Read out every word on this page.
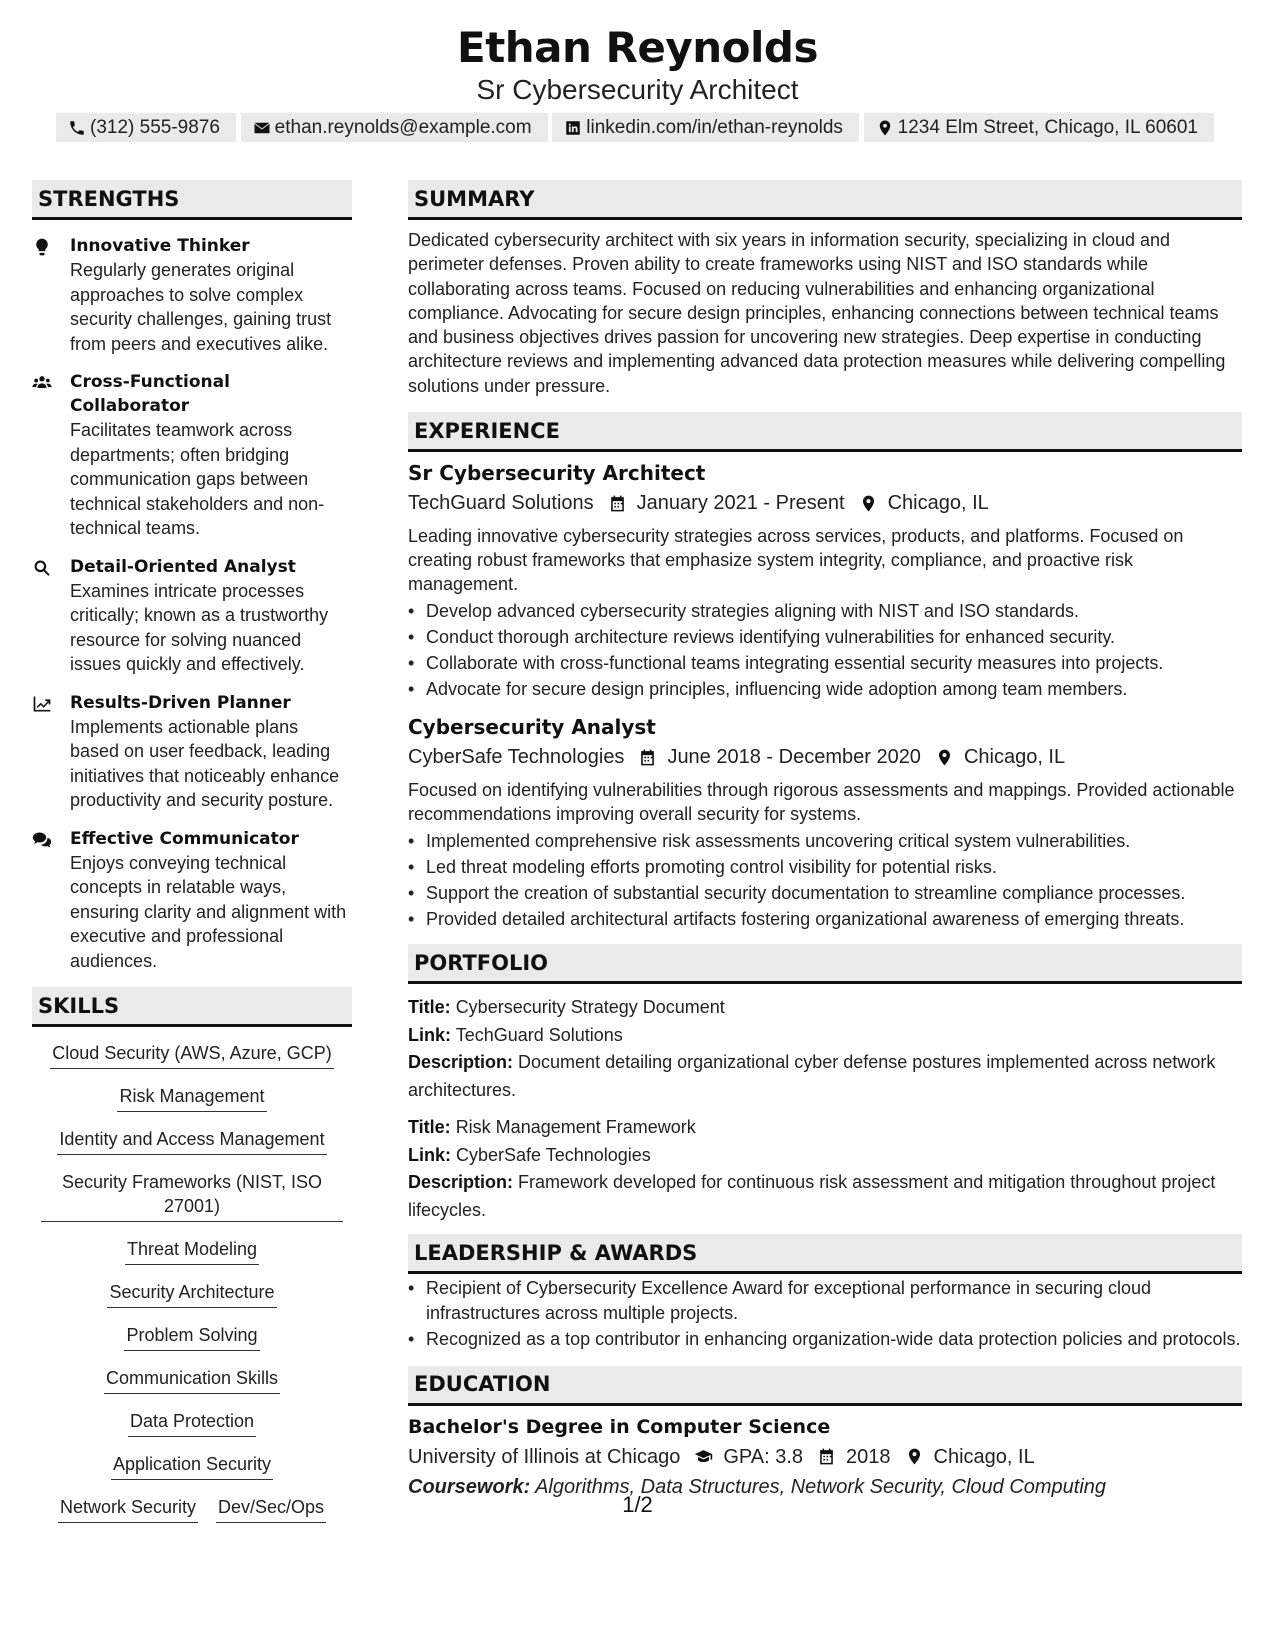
Ethan Reynolds
Sr Cybersecurity Architect
(312) 555-9876	ethan.reynolds@example.com	linkedin.com/in/ethan-reynolds	1234 Elm Street, Chicago, IL 60601
STRENGTHS
Innovative Thinker
Regularly generates original approaches to solve complex security challenges, gaining trust from peers and executives alike.
Cross-Functional Collaborator
Facilitates teamwork across departments; often bridging communication gaps between technical stakeholders and non-technical teams.
Detail-Oriented Analyst
Examines intricate processes critically; known as a trustworthy resource for solving nuanced issues quickly and effectively.
Results-Driven Planner
Implements actionable plans based on user feedback, leading initiatives that noticeably enhance productivity and security posture.
Effective Communicator
Enjoys conveying technical concepts in relatable ways, ensuring clarity and alignment with executive and professional audiences.
SKILLS
Cloud Security (AWS, Azure, GCP)
Risk Management
Identity and Access Management
Security Frameworks (NIST, ISO 27001)
Threat Modeling
Security Architecture
Problem Solving
Communication Skills
Data Protection
Application Security
Network Security Dev/Sec/Ops
SUMMARY
Dedicated cybersecurity architect with six years in information security, specializing in cloud and perimeter defenses. Proven ability to create frameworks using NIST and ISO standards while collaborating across teams. Focused on reducing vulnerabilities and enhancing organizational compliance. Advocating for secure design principles, enhancing connections between technical teams and business objectives drives passion for uncovering new strategies. Deep expertise in conducting architecture reviews and implementing advanced data protection measures while delivering compelling solutions under pressure.
EXPERIENCE
Sr Cybersecurity Architect
TechGuard Solutions January 2021 - Present Chicago, IL
Leading innovative cybersecurity strategies across services, products, and platforms. Focused on creating robust frameworks that emphasize system integrity, compliance, and proactive risk management.
• Develop advanced cybersecurity strategies aligning with NIST and ISO standards.
• Conduct thorough architecture reviews identifying vulnerabilities for enhanced security.
• Collaborate with cross-functional teams integrating essential security measures into projects.
• Advocate for secure design principles, influencing wide adoption among team members.
Cybersecurity Analyst
CyberSafe Technologies June 2018 - December 2020 Chicago, IL
Focused on identifying vulnerabilities through rigorous assessments and mappings. Provided actionable recommendations improving overall security for systems.
• Implemented comprehensive risk assessments uncovering critical system vulnerabilities.
• Led threat modeling efforts promoting control visibility for potential risks.
• Support the creation of substantial security documentation to streamline compliance processes.
• Provided detailed architectural artifacts fostering organizational awareness of emerging threats.
PORTFOLIO
Title: Cybersecurity Strategy Document
Link: TechGuard Solutions
Description: Document detailing organizational cyber defense postures implemented across network architectures.
Title: Risk Management Framework
Link: CyberSafe Technologies
Description: Framework developed for continuous risk assessment and mitigation throughout project lifecycles.
LEADERSHIP & AWARDS
• Recipient of Cybersecurity Excellence Award for exceptional performance in securing cloud infrastructures across multiple projects.
• Recognized as a top contributor in enhancing organization-wide data protection policies and protocols.
EDUCATION
Bachelor's Degree in Computer Science
University of Illinois at Chicago GPA: 3.8 2018 Chicago, IL
Coursework: Algorithms, Data Structures, Network Security, Cloud Computing
1/2
